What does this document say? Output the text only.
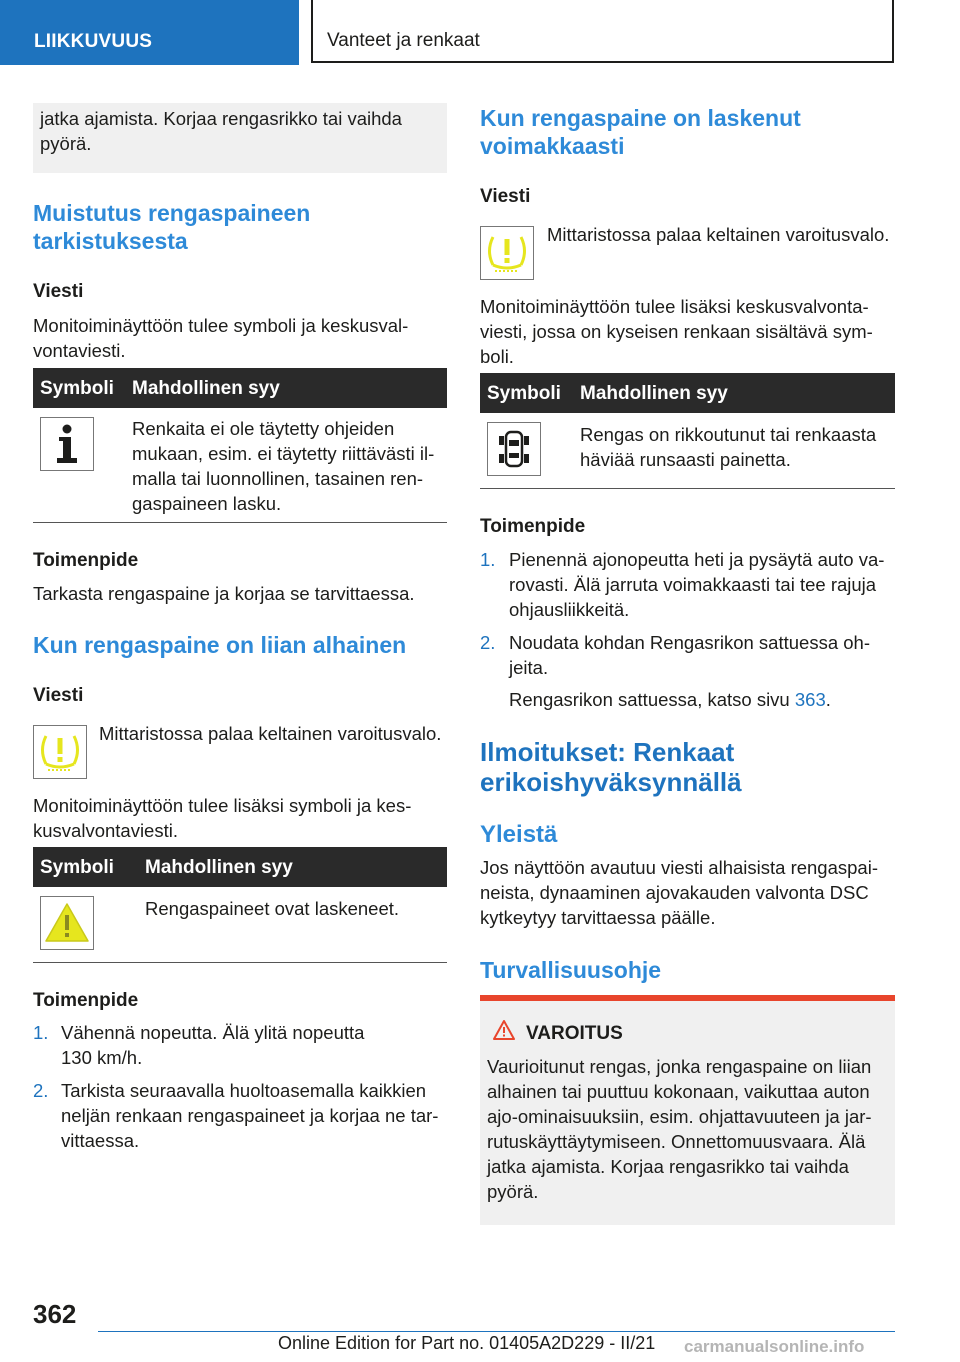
LIIKKUVUUS	Vanteet ja renkaat
jatka ajamista. Korjaa rengasrikko tai vaihda pyörä.
Muistutus rengaspaineen
tarkistuksesta
Viesti
Monitoiminäyttöön tulee symboli ja keskusval-
vontaviesti.
Symboli Mahdollinen syy
Renkaita ei ole täytetty ohjeiden
mukaan, esim. ei täytetty riittävästi il-
malla tai luonnollinen, tasainen ren-
gaspaineen lasku.
Toimenpide
Tarkasta rengaspaine ja korjaa se tarvittaessa.
Kun rengaspaine on liian alhainen
Viesti
Mittaristossa palaa keltainen varoitusvalo.
Monitoiminäyttöön tulee lisäksi symboli ja kes-
kusvalvontaviesti.
Symboli Mahdollinen syy
Rengaspaineet ovat laskeneet.
Toimenpide
1. Vähennä nopeutta. Älä ylitä nopeutta
130 km/h.
2. Tarkista seuraavalla huoltoasemalla kaikkien
neljän renkaan rengaspaineet ja korjaa ne tar-
vittaessa.
Kun rengaspaine on laskenut
voimakkaasti
Viesti
Mittaristossa palaa keltainen varoitusvalo.
Monitoiminäyttöön tulee lisäksi keskusvalvonta-
viesti, jossa on kyseisen renkaan sisältävä sym-
boli.
Symboli Mahdollinen syy
Rengas on rikkoutunut tai renkaasta
häviää runsaasti painetta.
Toimenpide
1. Pienennä ajonopeutta heti ja pysäytä auto va-
rovasti. Älä jarruta voimakkaasti tai tee rajuja
ohjausliikkeitä.
2. Noudata kohdan Rengasrikon sattuessa oh-
jeita.
Rengasrikon sattuessa, katso sivu 363.
Ilmoitukset: Renkaat
erikoishyväksynnällä
Yleistä
Jos näyttöön avautuu viesti alhaisista rengaspai-
neista, dynaaminen ajovakauden valvonta DSC
kytkeytyy tarvittaessa päälle.
Turvallisuusohje
VAROITUS
Vaurioitunut rengas, jonka rengaspaine on liian
alhainen tai puuttuu kokonaan, vaikuttaa auton
ajo-ominaisuuksiin, esim. ohjattavuuteen ja jar-
rutuskäyttäytymiseen. Onnettomuusvaara. Älä
jatka ajamista. Korjaa rengasrikko tai vaihda
pyörä.
362
Online Edition for Part no. 01405A2D229 - II/21 carmanualsonline.info
